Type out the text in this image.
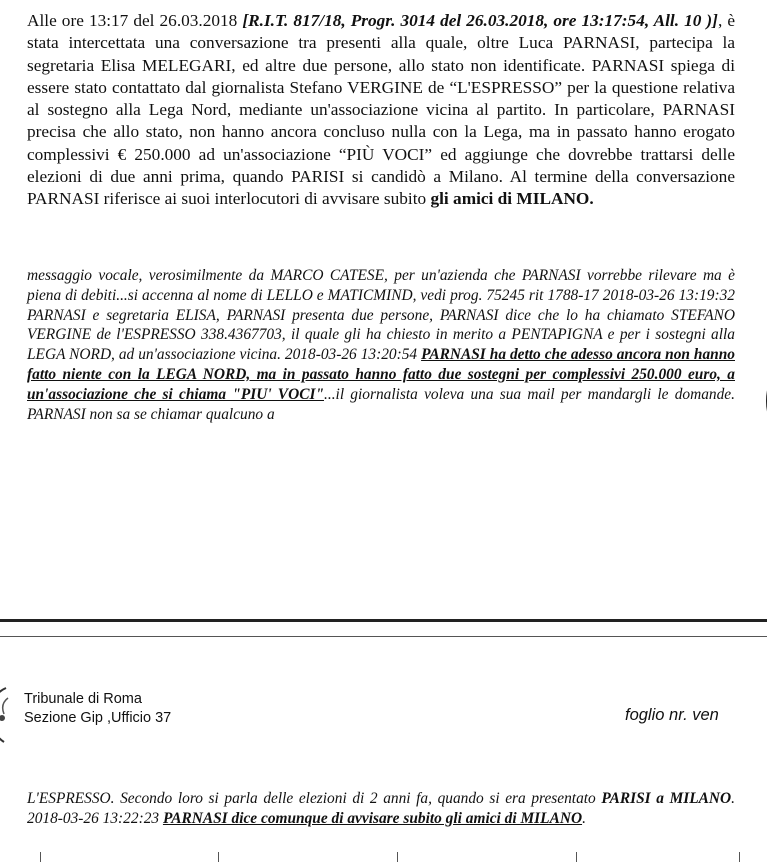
Alle ore 13:17 del 26.03.2018 [R.I.T. 817/18, Progr. 3014 del 26.03.2018, ore 13:17:54, All. 10 )], è stata intercettata una conversazione tra presenti alla quale, oltre Luca PARNASI, partecipa la segretaria Elisa MELEGARI, ed altre due persone, allo stato non identificate. PARNASI spiega di essere stato contattato dal giornalista Stefano VERGINE de “L'ESPRESSO” per la questione relativa al sostegno alla Lega Nord, mediante un'associazione vicina al partito. In particolare, PARNASI precisa che allo stato, non hanno ancora concluso nulla con la Lega, ma in passato hanno erogato complessivi € 250.000 ad un'associazione “PIÙ VOCI” ed aggiunge che dovrebbe trattarsi delle elezioni di due anni prima, quando PARISI si candidò a Milano. Al termine della conversazione PARNASI riferisce ai suoi interlocutori di avvisare subito gli amici di MILANO.

messaggio vocale, verosimilmente da MARCO CATESE, per un'azienda che PARNASI vorrebbe rilevare ma è piena di debiti...si accenna al nome di LELLO e MATICMIND, vedi prog. 75245 rit 1788-17 2018-03-26 13:19:32 PARNASI e segretaria ELISA, PARNASI presenta due persone, PARNASI dice che lo ha chiamato STEFANO VERGINE de l'ESPRESSO 338.4367703, il quale gli ha chiesto in merito a PENTAPIGNA e per i sostegni alla LEGA NORD, ad un'associazione vicina. 2018-03-26 13:20:54 PARNASI ha detto che adesso ancora non hanno fatto niente con la LEGA NORD, ma in passato hanno fatto due sostegni per complessivi 250.000 euro, a un'associazione che si chiama "PIU' VOCI"...il giornalista voleva una sua mail per mandargli le domande. PARNASI non sa se chiamar qualcuno a

Tribunale di Roma
Sezione Gip ,Ufficio 37	foglio nr. ven

L'ESPRESSO. Secondo loro si parla delle elezioni di 2 anni fa, quando si era presentato PARISI a MILANO. 2018-03-26 13:22:23 PARNASI dice comunque di avvisare subito gli amici di MILANO.
